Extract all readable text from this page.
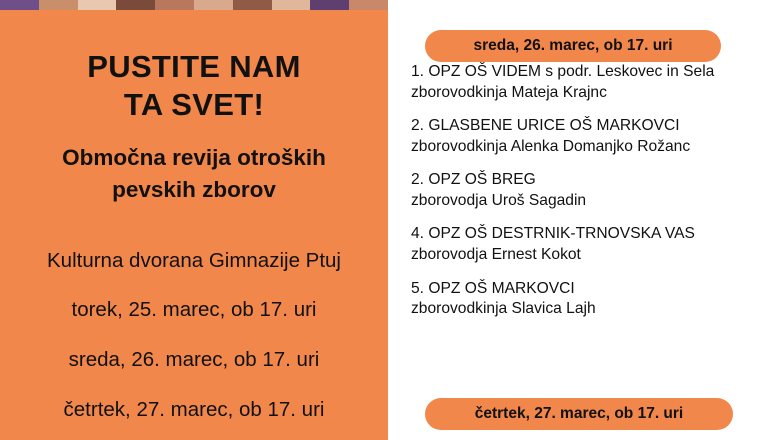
PUSTITE NAM

TA SVET!

Območna revija otroških

pevskih zborov

Kulturna dvorana Gimnazije Ptuj

torek, 25. marec, ob 17. uri

sreda, 26. marec, ob 17. uri

četrtek, 27. marec, ob 17. uri

sreda, 26. marec, ob 17. uri

1. OPZ OŠ VIDEM s podr. Leskovec in Sela

zborovodkinja Mateja Krajnc

2. GLASBENE URICE OŠ MARKOVCI

zborovodkinja Alenka Domanjko Rožanc

2. OPZ OŠ BREG

zborovodja Uroš Sagadin

4. OPZ OŠ DESTRNIK-TRNOVSKA VAS

zborovodja Ernest Kokot

5. OPZ OŠ MARKOVCI

zborovodkinja Slavica Lajh

četrtek, 27. marec, ob 17. uri
